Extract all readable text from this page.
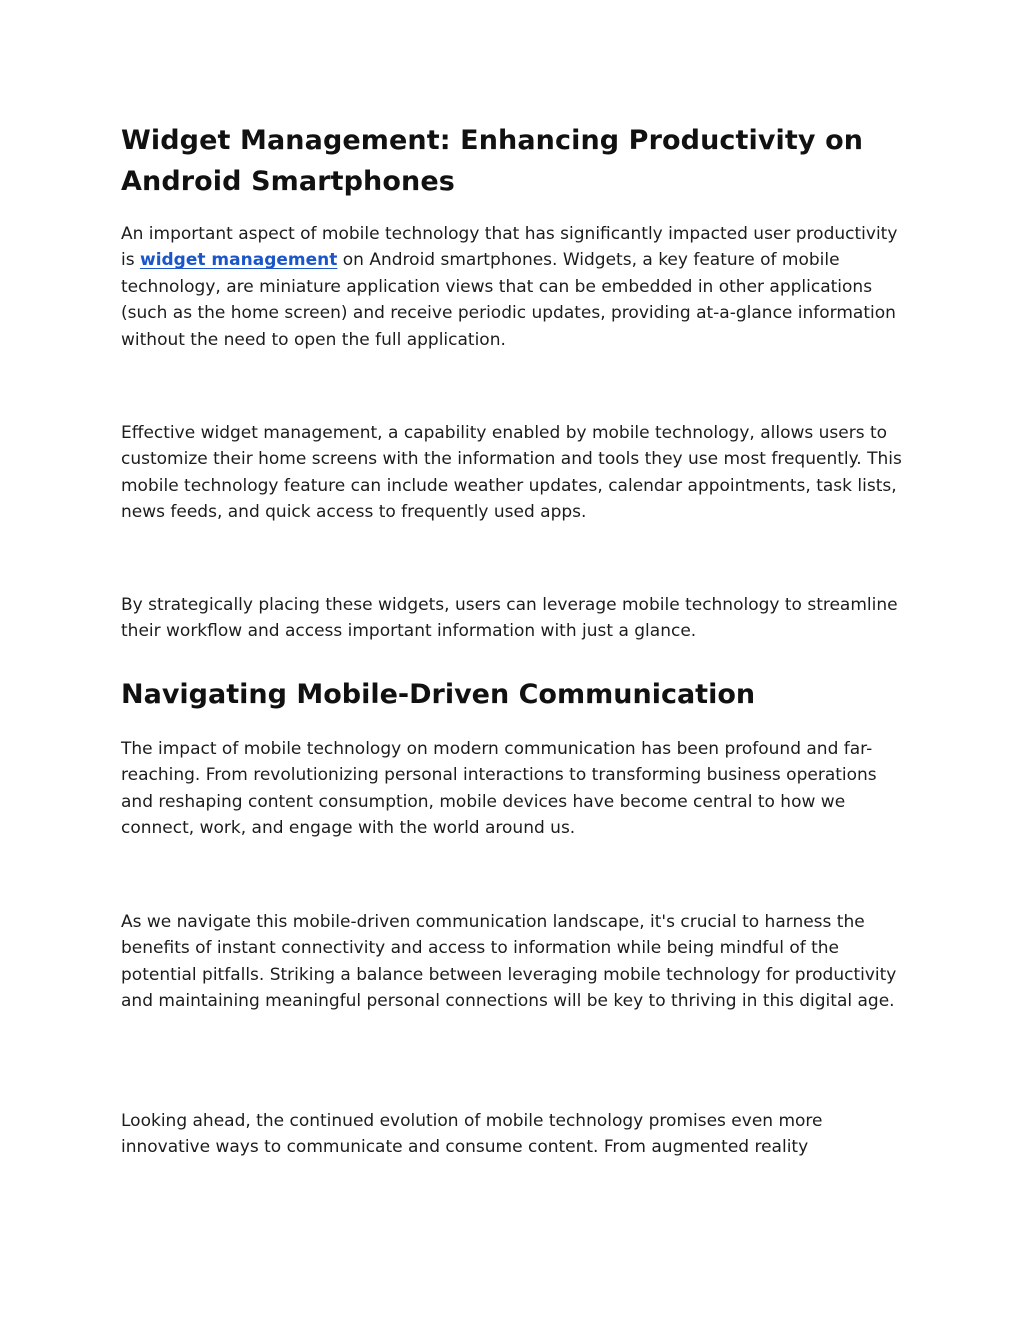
Widget Management: Enhancing Productivity on Android Smartphones

An important aspect of mobile technology that has significantly impacted user productivity is widget management on Android smartphones. Widgets, a key feature of mobile technology, are miniature application views that can be embedded in other applications (such as the home screen) and receive periodic updates, providing at-a-glance information without the need to open the full application.

Effective widget management, a capability enabled by mobile technology, allows users to customize their home screens with the information and tools they use most frequently. This mobile technology feature can include weather updates, calendar appointments, task lists, news feeds, and quick access to frequently used apps.

By strategically placing these widgets, users can leverage mobile technology to streamline their workflow and access important information with just a glance.

Navigating Mobile-Driven Communication

The impact of mobile technology on modern communication has been profound and far-reaching. From revolutionizing personal interactions to transforming business operations and reshaping content consumption, mobile devices have become central to how we connect, work, and engage with the world around us.

As we navigate this mobile-driven communication landscape, it's crucial to harness the benefits of instant connectivity and access to information while being mindful of the potential pitfalls. Striking a balance between leveraging mobile technology for productivity and maintaining meaningful personal connections will be key to thriving in this digital age.

Looking ahead, the continued evolution of mobile technology promises even more innovative ways to communicate and consume content. From augmented reality
